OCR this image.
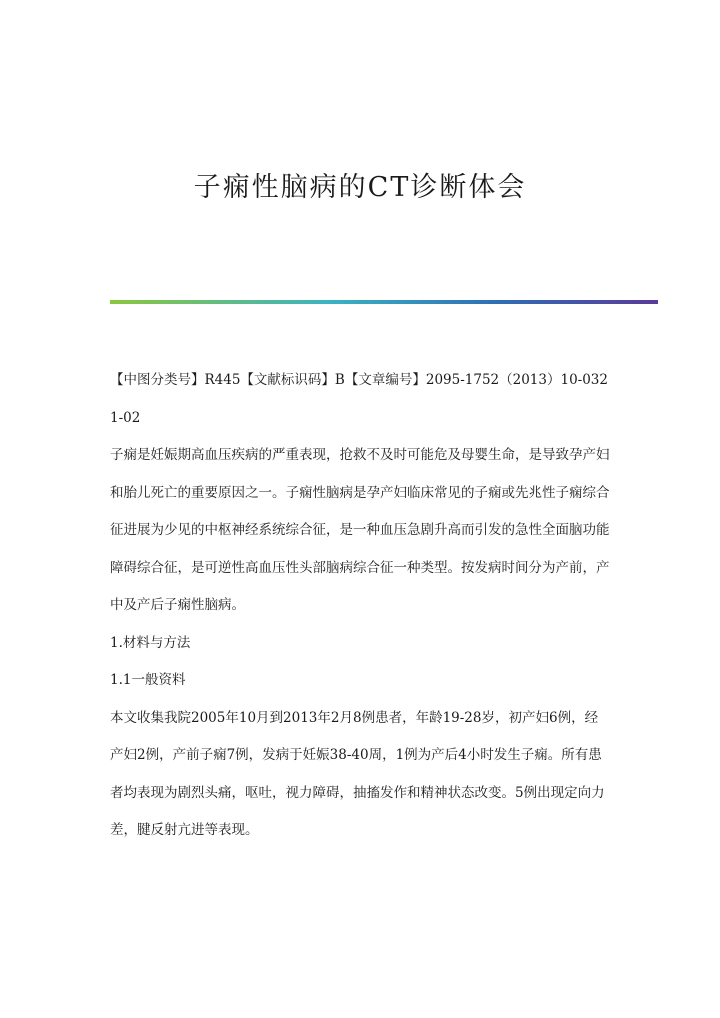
子痫性脑病的CT诊断体会

【中图分类号】R445【文献标识码】B【文章编号】2095-1752（2013）10-0321-02

子痫是妊娠期高血压疾病的严重表现，抢救不及时可能危及母婴生命，是导致孕产妇和胎儿死亡的重要原因之一。子痫性脑病是孕产妇临床常见的子痫或先兆性子痫综合征进展为少见的中枢神经系统综合征，是一种血压急剧升高而引发的急性全面脑功能障碍综合征，是可逆性高血压性头部脑病综合征一种类型。按发病时间分为产前，产中及产后子痫性脑病。

1.材料与方法

1.1一般资料

本文收集我院2005年10月到2013年2月8例患者，年龄19-28岁，初产妇6例，经产妇2例，产前子痫7例，发病于妊娠38-40周，1例为产后4小时发生子痫。所有患者均表现为剧烈头痛，呕吐，视力障碍，抽搐发作和精神状态改变。5例出现定向力差，腱反射亢进等表现。
